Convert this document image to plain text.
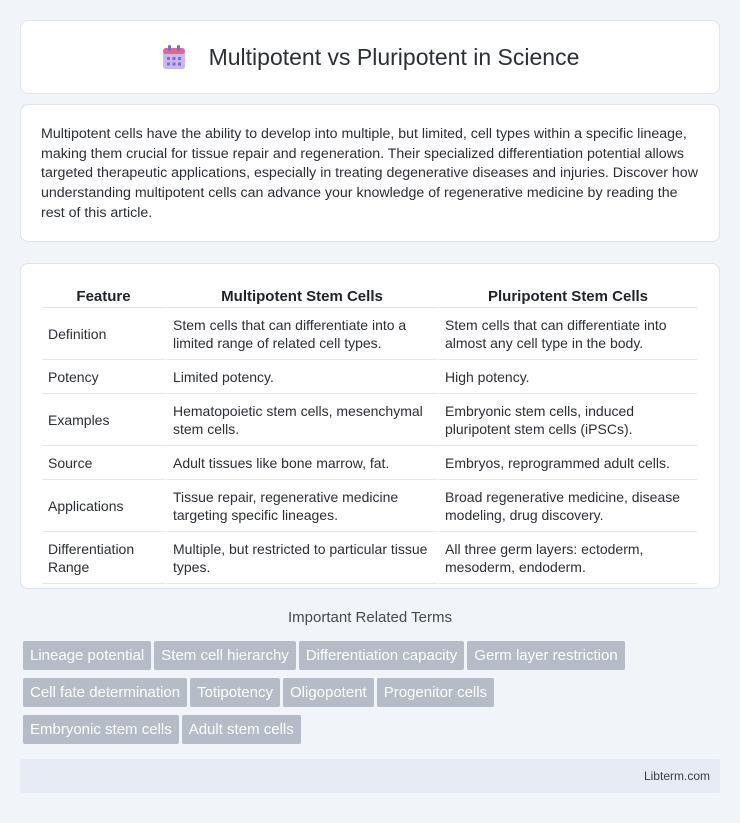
Multipotent vs Pluripotent in Science

Multipotent cells have the ability to develop into multiple, but limited, cell types within a specific lineage, making them crucial for tissue repair and regeneration. Their specialized differentiation potential allows targeted therapeutic applications, especially in treating degenerative diseases and injuries. Discover how understanding multipotent cells can advance your knowledge of regenerative medicine by reading the rest of this article.

Feature	Multipotent Stem Cells	Pluripotent Stem Cells
Definition	Stem cells that can differentiate into a limited range of related cell types.	Stem cells that can differentiate into almost any cell type in the body.
Potency	Limited potency.	High potency.
Examples	Hematopoietic stem cells, mesenchymal stem cells.	Embryonic stem cells, induced pluripotent stem cells (iPSCs).
Source	Adult tissues like bone marrow, fat.	Embryos, reprogrammed adult cells.
Applications	Tissue repair, regenerative medicine targeting specific lineages.	Broad regenerative medicine, disease modeling, drug discovery.
Differentiation Range	Multiple, but restricted to particular tissue types.	All three germ layers: ectoderm, mesoderm, endoderm.
Important Related Terms
Lineage potential Stem cell hierarchy Differentiation capacity Germ layer restriction
Cell fate determination Totipotency Oligopotent Progenitor cells
Embryonic stem cells Adult stem cells
Libterm.com
